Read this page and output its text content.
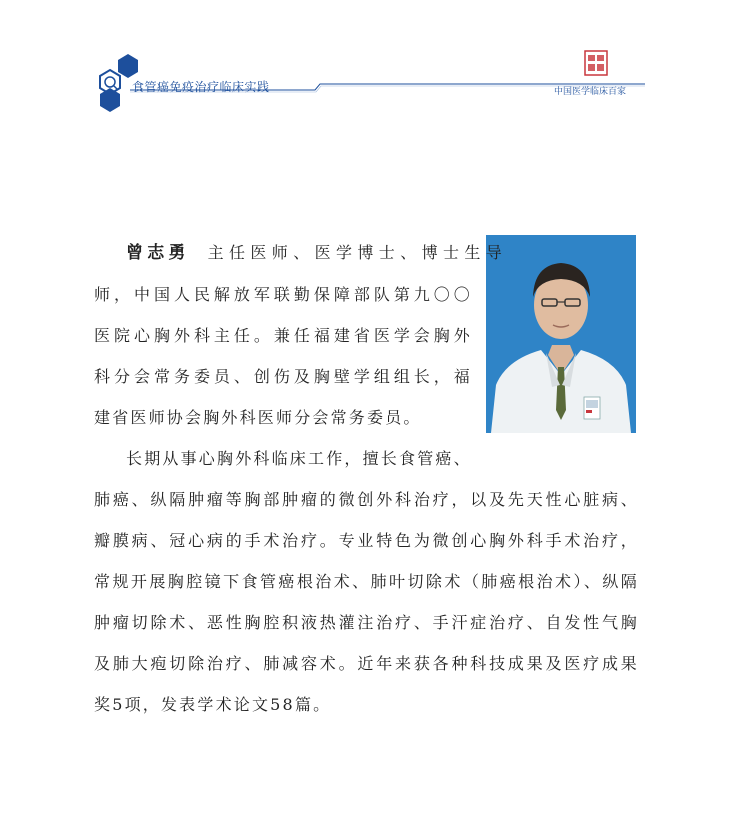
食管癌免疫治疗临床实践	中国医学临床百家

曾志勇 主任医师、医学博士、博士生导

师，中国人民解放军联勤保障部队第九〇〇

医院心胸外科主任。兼任福建省医学会胸外

科分会常务委员、创伤及胸壁学组组长，福

建省医师协会胸外科医师分会常务委员。

长期从事心胸外科临床工作，擅长食管癌、

肺癌、纵隔肿瘤等胸部肿瘤的微创外科治疗，以及先天性心脏病、瓣膜病、冠心病的手术治疗。专业特色为微创心胸外科手术治疗，常规开展胸腔镜下食管癌根治术、肺叶切除术（肺癌根治术）、纵隔肿瘤切除术、恶性胸腔积液热灌注治疗、手汗症治疗、自发性气胸及肺大疱切除治疗、肺减容术。近年来获各种科技成果及医疗成果奖5项，发表学术论文58篇。
